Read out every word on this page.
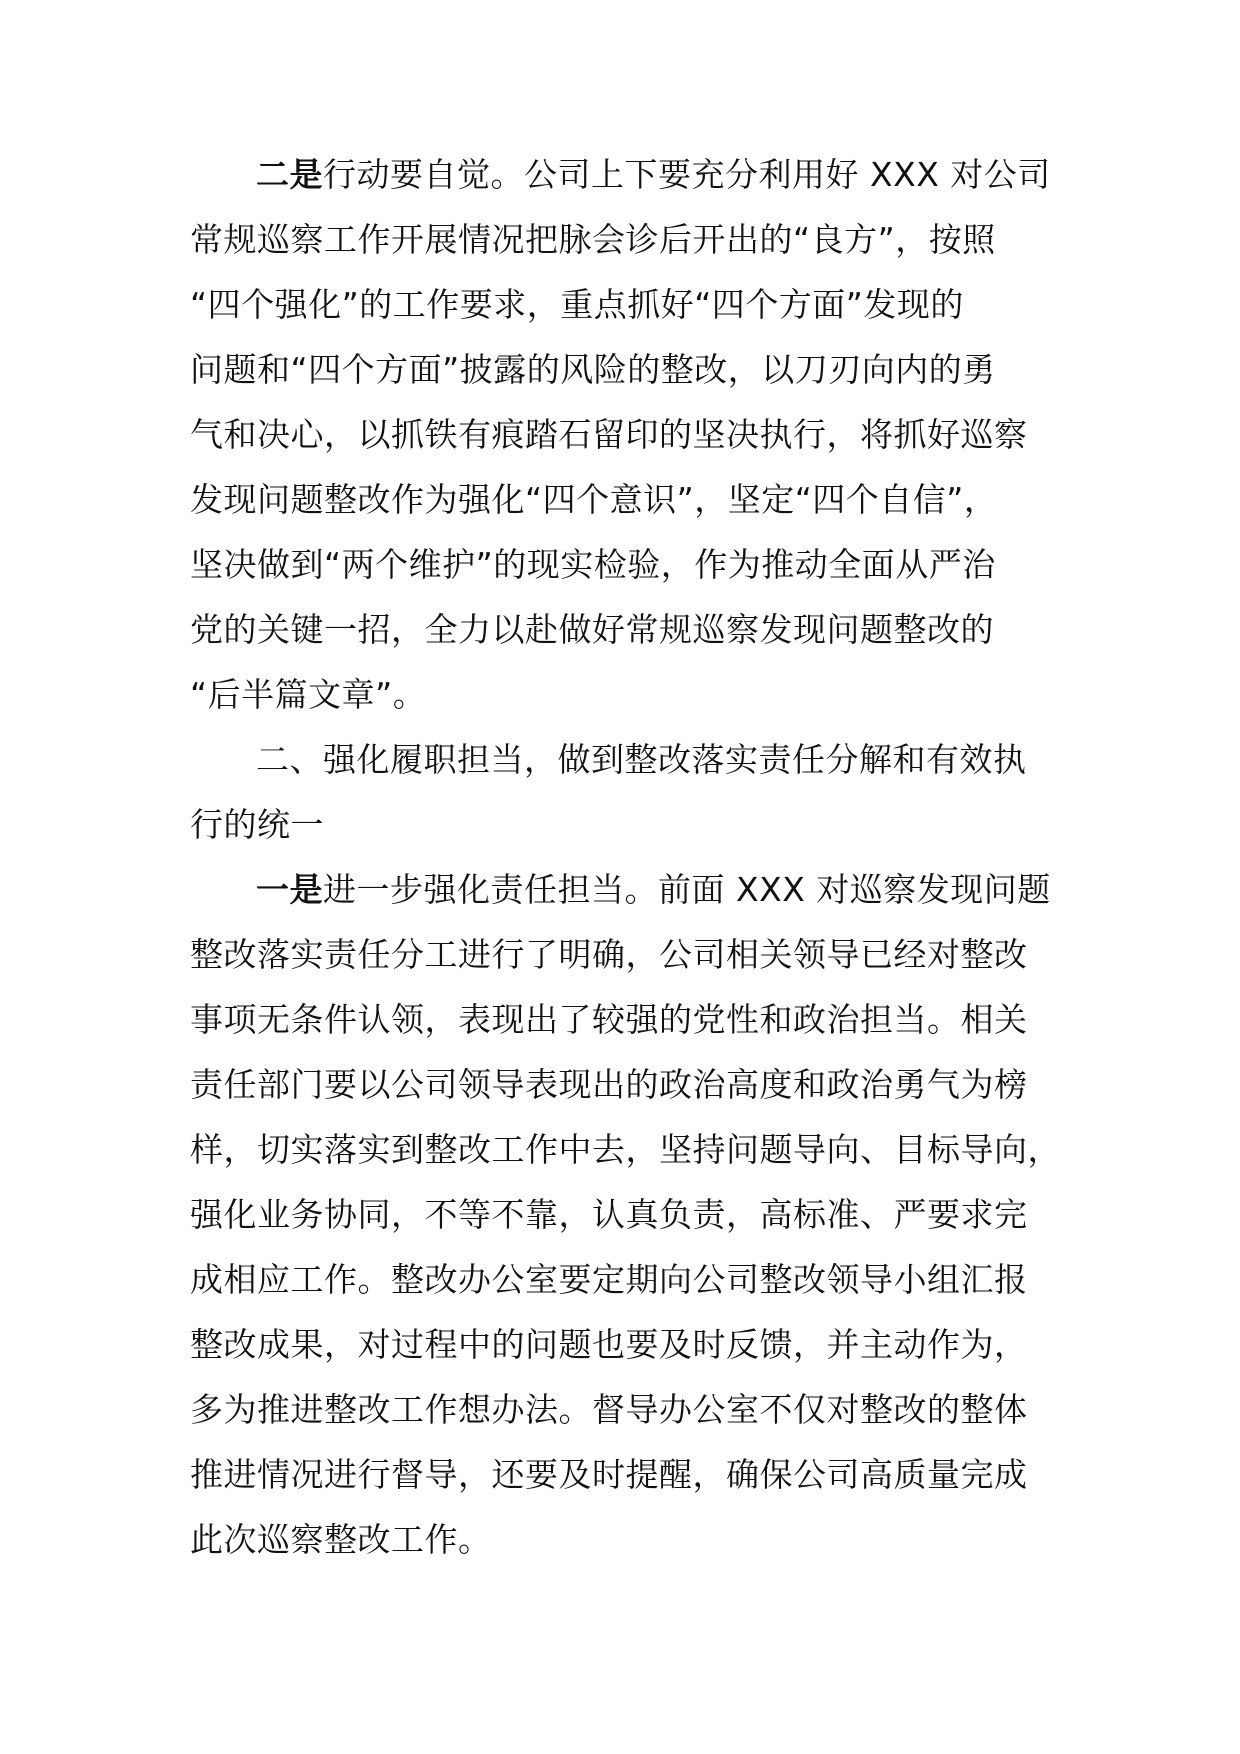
二是行动要自觉。公司上下要充分利用好 XXX 对公司
常规巡察工作开展情况把脉会诊后开出的“良方”，按照
“四个强化”的工作要求，重点抓好“四个方面”发现的
问题和“四个方面”披露的风险的整改，以刀刃向内的勇
气和决心，以抓铁有痕踏石留印的坚决执行，将抓好巡察
发现问题整改作为强化“四个意识”，坚定“四个自信”，
坚决做到“两个维护”的现实检验，作为推动全面从严治
党的关键一招，全力以赴做好常规巡察发现问题整改的
“后半篇文章”。
二、强化履职担当，做到整改落实责任分解和有效执
行的统一
一是进一步强化责任担当。前面 XXX 对巡察发现问题
整改落实责任分工进行了明确，公司相关领导已经对整改
事项无条件认领，表现出了较强的党性和政治担当。相关
责任部门要以公司领导表现出的政治高度和政治勇气为榜
样，切实落实到整改工作中去，坚持问题导向、目标导向，
强化业务协同，不等不靠，认真负责，高标准、严要求完
成相应工作。整改办公室要定期向公司整改领导小组汇报
整改成果，对过程中的问题也要及时反馈，并主动作为，
多为推进整改工作想办法。督导办公室不仅对整改的整体
推进情况进行督导，还要及时提醒，确保公司高质量完成
此次巡察整改工作。
